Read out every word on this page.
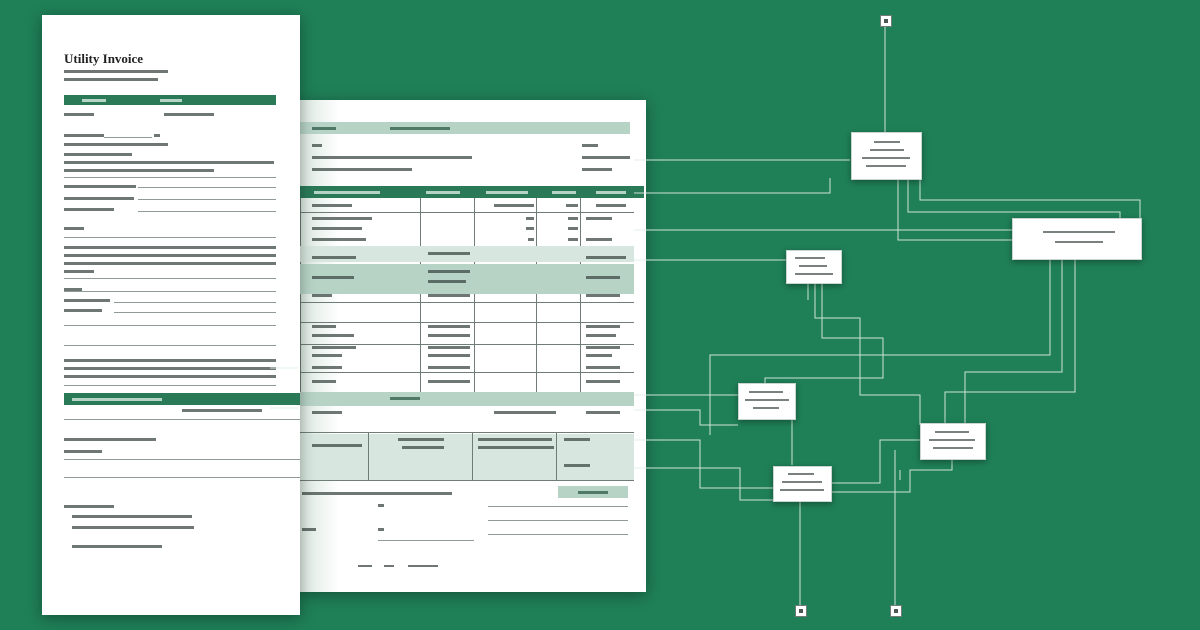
Utility Invoice
